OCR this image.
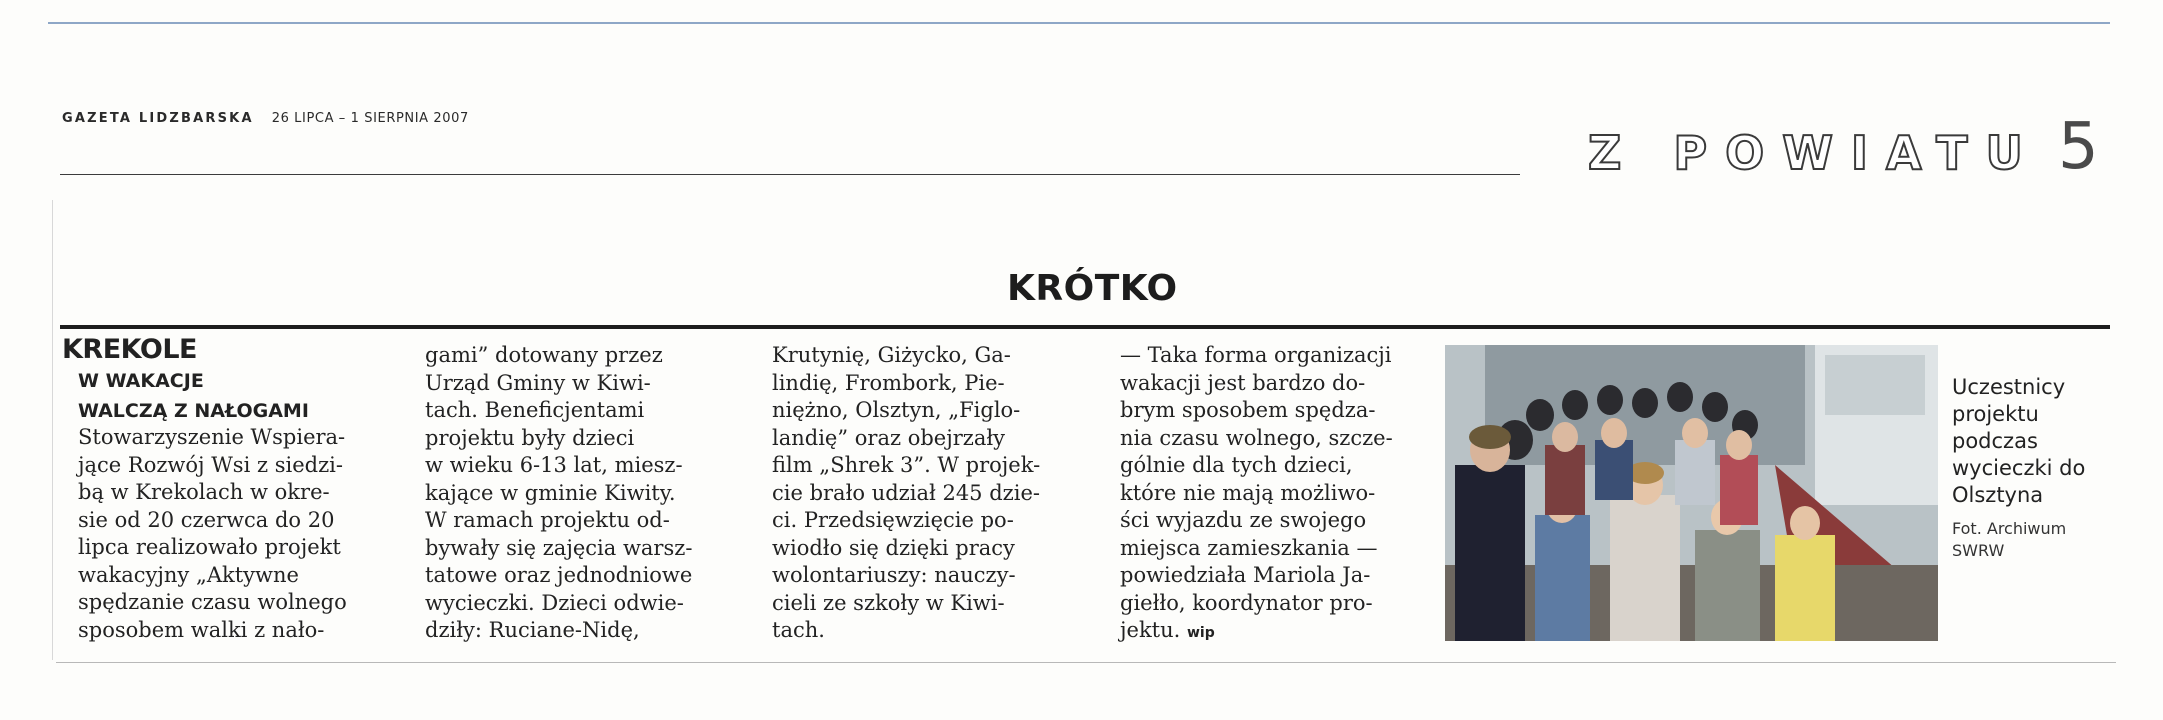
GAZETA LIDZBARSKA 26 LIPCA – 1 SIERPNIA 2007
Z POWIATU 5
KRÓTKO
KREKOLE
W WAKACJE
WALCZĄ Z NAŁOGAMI
Stowarzyszenie Wspiera-
jące Rozwój Wsi z siedzi-
bą w Krekolach w okre-
sie od 20 czerwca do 20
lipca realizowało projekt
wakacyjny „Aktywne
spędzanie czasu wolnego
sposobem walki z nało-
gami” dotowany przez
Urząd Gminy w Kiwi-
tach. Beneficjentami
projektu były dzieci
w wieku 6-13 lat, miesz-
kające w gminie Kiwity.
W ramach projektu od-
bywały się zajęcia warsz-
tatowe oraz jednodniowe
wycieczki. Dzieci odwie-
dziły: Ruciane-Nidę,
Krutynię, Giżycko, Ga-
lindię, Frombork, Pie-
niężno, Olsztyn, „Figlo-
landię” oraz obejrzały
film „Shrek 3”. W projek-
cie brało udział 245 dzie-
ci. Przedsięwzięcie po-
wiodło się dzięki pracy
wolontariuszy: nauczy-
cieli ze szkoły w Kiwi-
tach.
— Taka forma organizacji
wakacji jest bardzo do-
brym sposobem spędza-
nia czasu wolnego, szcze-
gólnie dla tych dzieci,
które nie mają możliwo-
ści wyjazdu ze swojego
miejsca zamieszkania —
powiedziała Mariola Ja-
giełło, koordynator pro-
jektu. wip
Uczestnicy
projektu
podczas
wycieczki do
Olsztyna
Fot. Archiwum
SWRW
